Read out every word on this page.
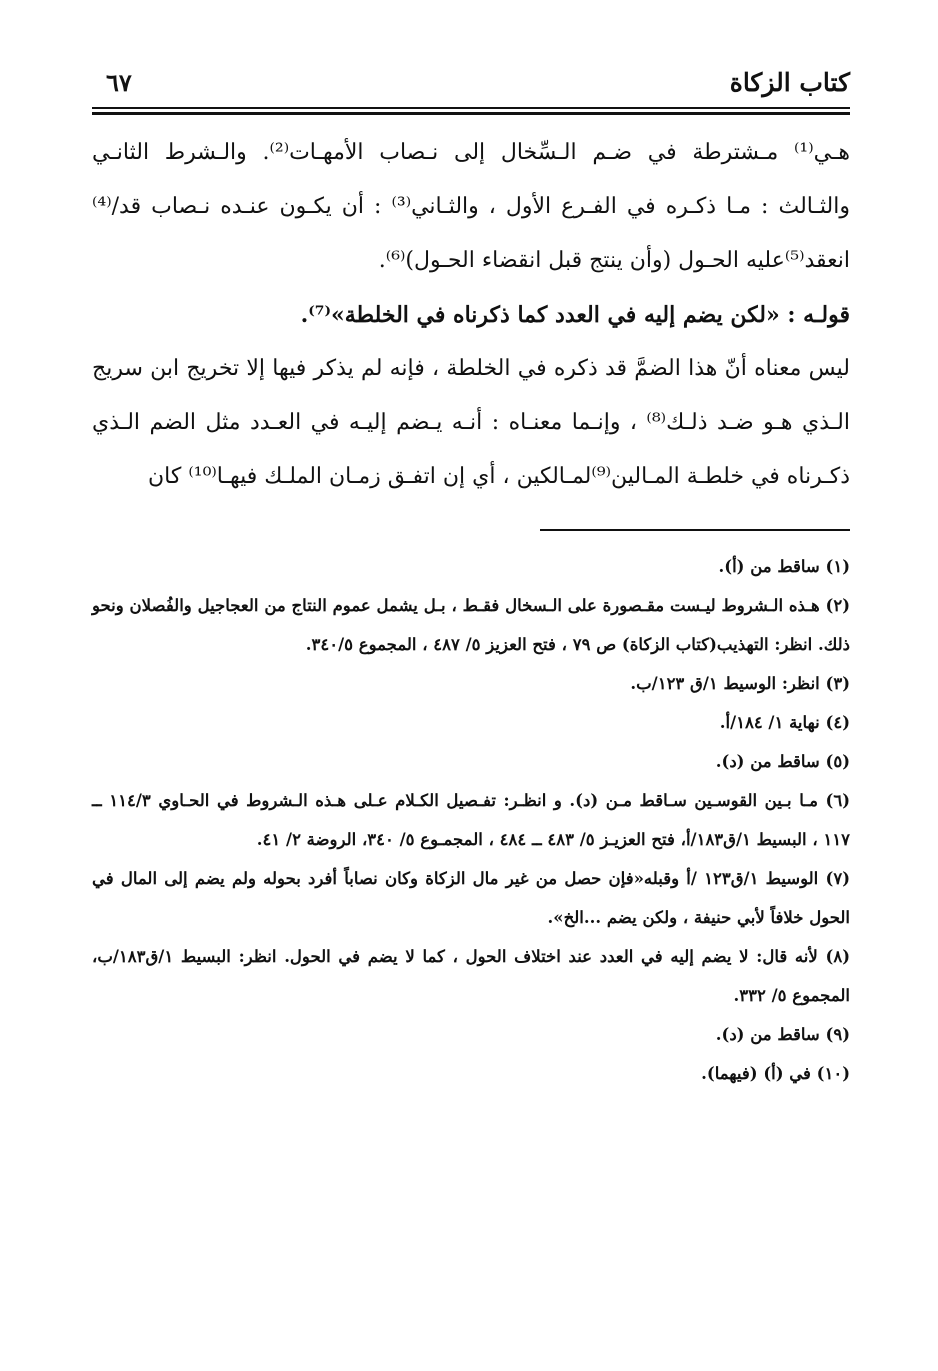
كتاب الزكاة
٦٧

هـي⁽¹⁾ مـشترطة في ضـم الـسِّخال إلى نـصاب الأمهـات⁽²⁾. والـشرط الثانـي والثـالث : مـا ذكـره في الفـرع الأول ، والثـاني⁽³⁾ : أن يكـون عنـده نـصاب قد/⁽⁴⁾ انعقد⁽⁵⁾عليه الحـول (وأن ينتج قبل انقضاء الحـول)⁽⁶⁾.

قولـه : «لكن يضم إليه في العدد كما ذكرناه في الخلطة»⁽⁷⁾.

ليس معناه أنّ هذا الضمَّ قد ذكره في الخلطة ، فإنه لم يذكر فيها إلا تخريج ابن سريج الـذي هـو ضـد ذلـك⁽⁸⁾ ، وإنـما معنـاه : أنـه يـضم إليـه في العـدد مثل الضم الـذي ذكـرناه في خلطـة المـالين⁽⁹⁾لمـالكين ، أي إن اتفـق زمـان الملـك فيهـا⁽¹⁰⁾ كان

(١) ساقط من (أ).

(٢) هـذه الـشروط ليـست مقـصورة على الـسخال فقـط ، بـل يشمل عموم النتاج من العجاجيل والفُصلان ونحو ذلك. انظر: التهذيب(كتاب الزكاة) ص ٧٩ ، فتح العزيز ٥/ ٤٨٧ ، المجموع ٣٤٠/٥.

(٣) انظر: الوسيط ١/ق ١٢٣/ب.

(٤) نهاية ١/ ١٨٤/أ.

(٥) ساقط من (د).

(٦) مـا بـين القوسـين سـاقط مـن (د). و انظـر: تفـصيل الكـلام عـلى هـذه الـشروط في الحـاوي ١١٤/٣ ــ ١١٧ ، البسيط ١/ق١٨٣/أ، فتح العزيـز ٥/ ٤٨٣ ــ ٤٨٤ ، المجمـوع ٥/ ٣٤٠، الروضة ٢/ ٤١.

(٧) الوسيط ١/ق١٢٣ /أ وقبله«فإن حصل من غير مال الزكاة وكان نصاباً أفرد بحوله ولم يضم إلى المال في الحول خلافاً لأبي حنيفة ، ولكن يضم ...الخ».

(٨) لأنه قال: لا يضم إليه في العدد عند اختلاف الحول ، كما لا يضم في الحول. انظر: البسيط ١/ق١٨٣/ب، المجموع ٥/ ٣٣٢.

(٩) ساقط من (د).

(١٠) في (أ) (فيهما).
